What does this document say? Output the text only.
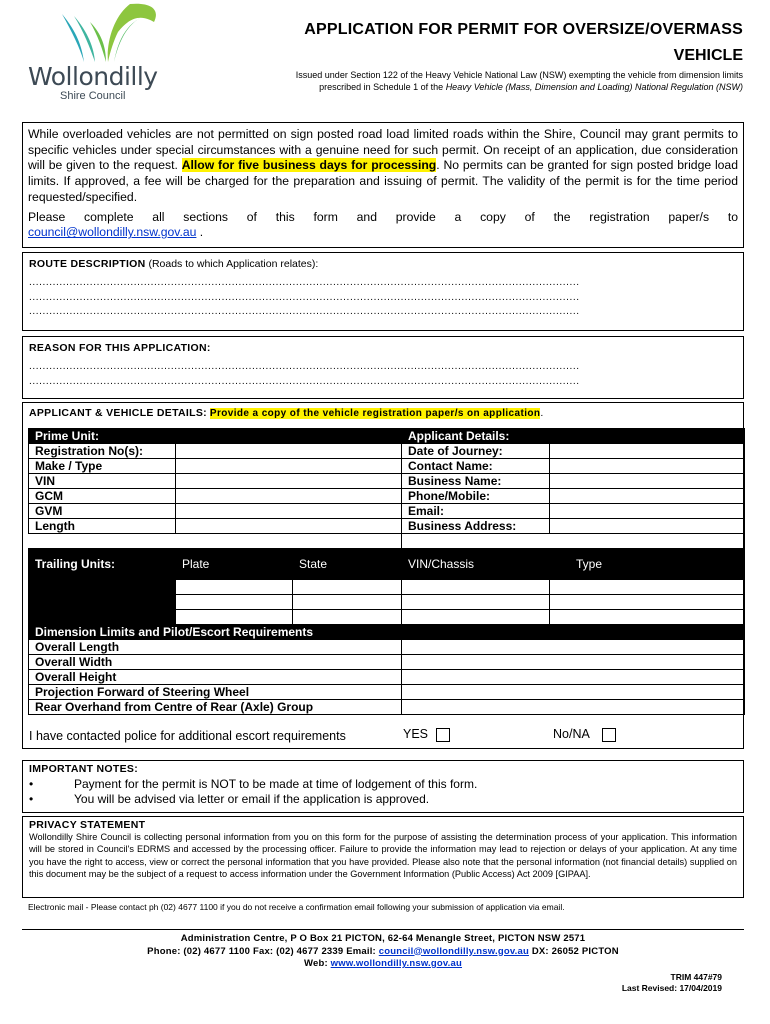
Wollondilly
Shire Council
APPLICATION FOR PERMIT FOR OVERSIZE/OVERMASS
VEHICLE
Issued under Section 122 of the Heavy Vehicle National Law (NSW) exempting the vehicle from dimension limits
prescribed in Schedule 1 of the Heavy Vehicle (Mass, Dimension and Loading) National Regulation (NSW)

While overloaded vehicles are not permitted on sign posted road load limited roads within the Shire, Council may grant permits to specific vehicles under special circumstances with a genuine need for such permit. On receipt of an application, due consideration will be given to the request. Allow for five business days for processing. No permits can be granted for sign posted bridge load limits. If approved, a fee will be charged for the preparation and issuing of permit. The validity of the permit is for the time period requested/specified.

Please complete all sections of this form and provide a copy of the registration paper/s to

council@wollondilly.nsw.gov.au .

ROUTE DESCRIPTION (Roads to which Application relates):
...................................................................................................................................................................
...................................................................................................................................................................
...................................................................................................................................................................
REASON FOR THIS APPLICATION:
...................................................................................................................................................................
...................................................................................................................................................................
APPLICANT & VEHICLE DETAILS: Provide a copy of the vehicle registration paper/s on application.
Prime Unit:			Applicant Details:	
Registration No(s):			Date of Journey:	
Make / Type			Contact Name:	
VIN			Business Name:	
GCM			Phone/Mobile:	
GVM			Email:	
Length			Business Address:	

Trailing Units:	Plate	State	VIN/Chassis	Type

Dimension Limits and Pilot/Escort Requirements				
Overall Length				
Overall Width				
Overall Height				
Projection Forward of Steering Wheel				
Rear Overhand from Centre of Rear (Axle) Group				
I have contacted police for additional escort requirements	YES	No/NA
IMPORTANT NOTES:
• Payment for the permit is NOT to be made at time of lodgement of this form.
• You will be advised via letter or email if the application is approved.
PRIVACY STATEMENT

Wollondilly Shire Council is collecting personal information from you on this form for the purpose of assisting the determination process of your application. This information will be stored in Council's EDRMS and accessed by the processing officer. Failure to provide the information may lead to rejection or delays of your application. At any time you have the right to access, view or correct the personal information that you have provided. Please also note that the personal information (not financial details) supplied on this document may be the subject of a request to access information under the Government Information (Public Access) Act 2009 [GIPAA].

Electronic mail - Please contact ph (02) 4677 1100 if you do not receive a confirmation email following your submission of application via email.
Administration Centre, P O Box 21 PICTON, 62-64 Menangle Street, PICTON NSW 2571
Phone: (02) 4677 1100 Fax: (02) 4677 2339 Email: council@wollondilly.nsw.gov.au DX: 26052 PICTON
Web: www.wollondilly.nsw.gov.au
TRIM 447#79
Last Revised: 17/04/2019
